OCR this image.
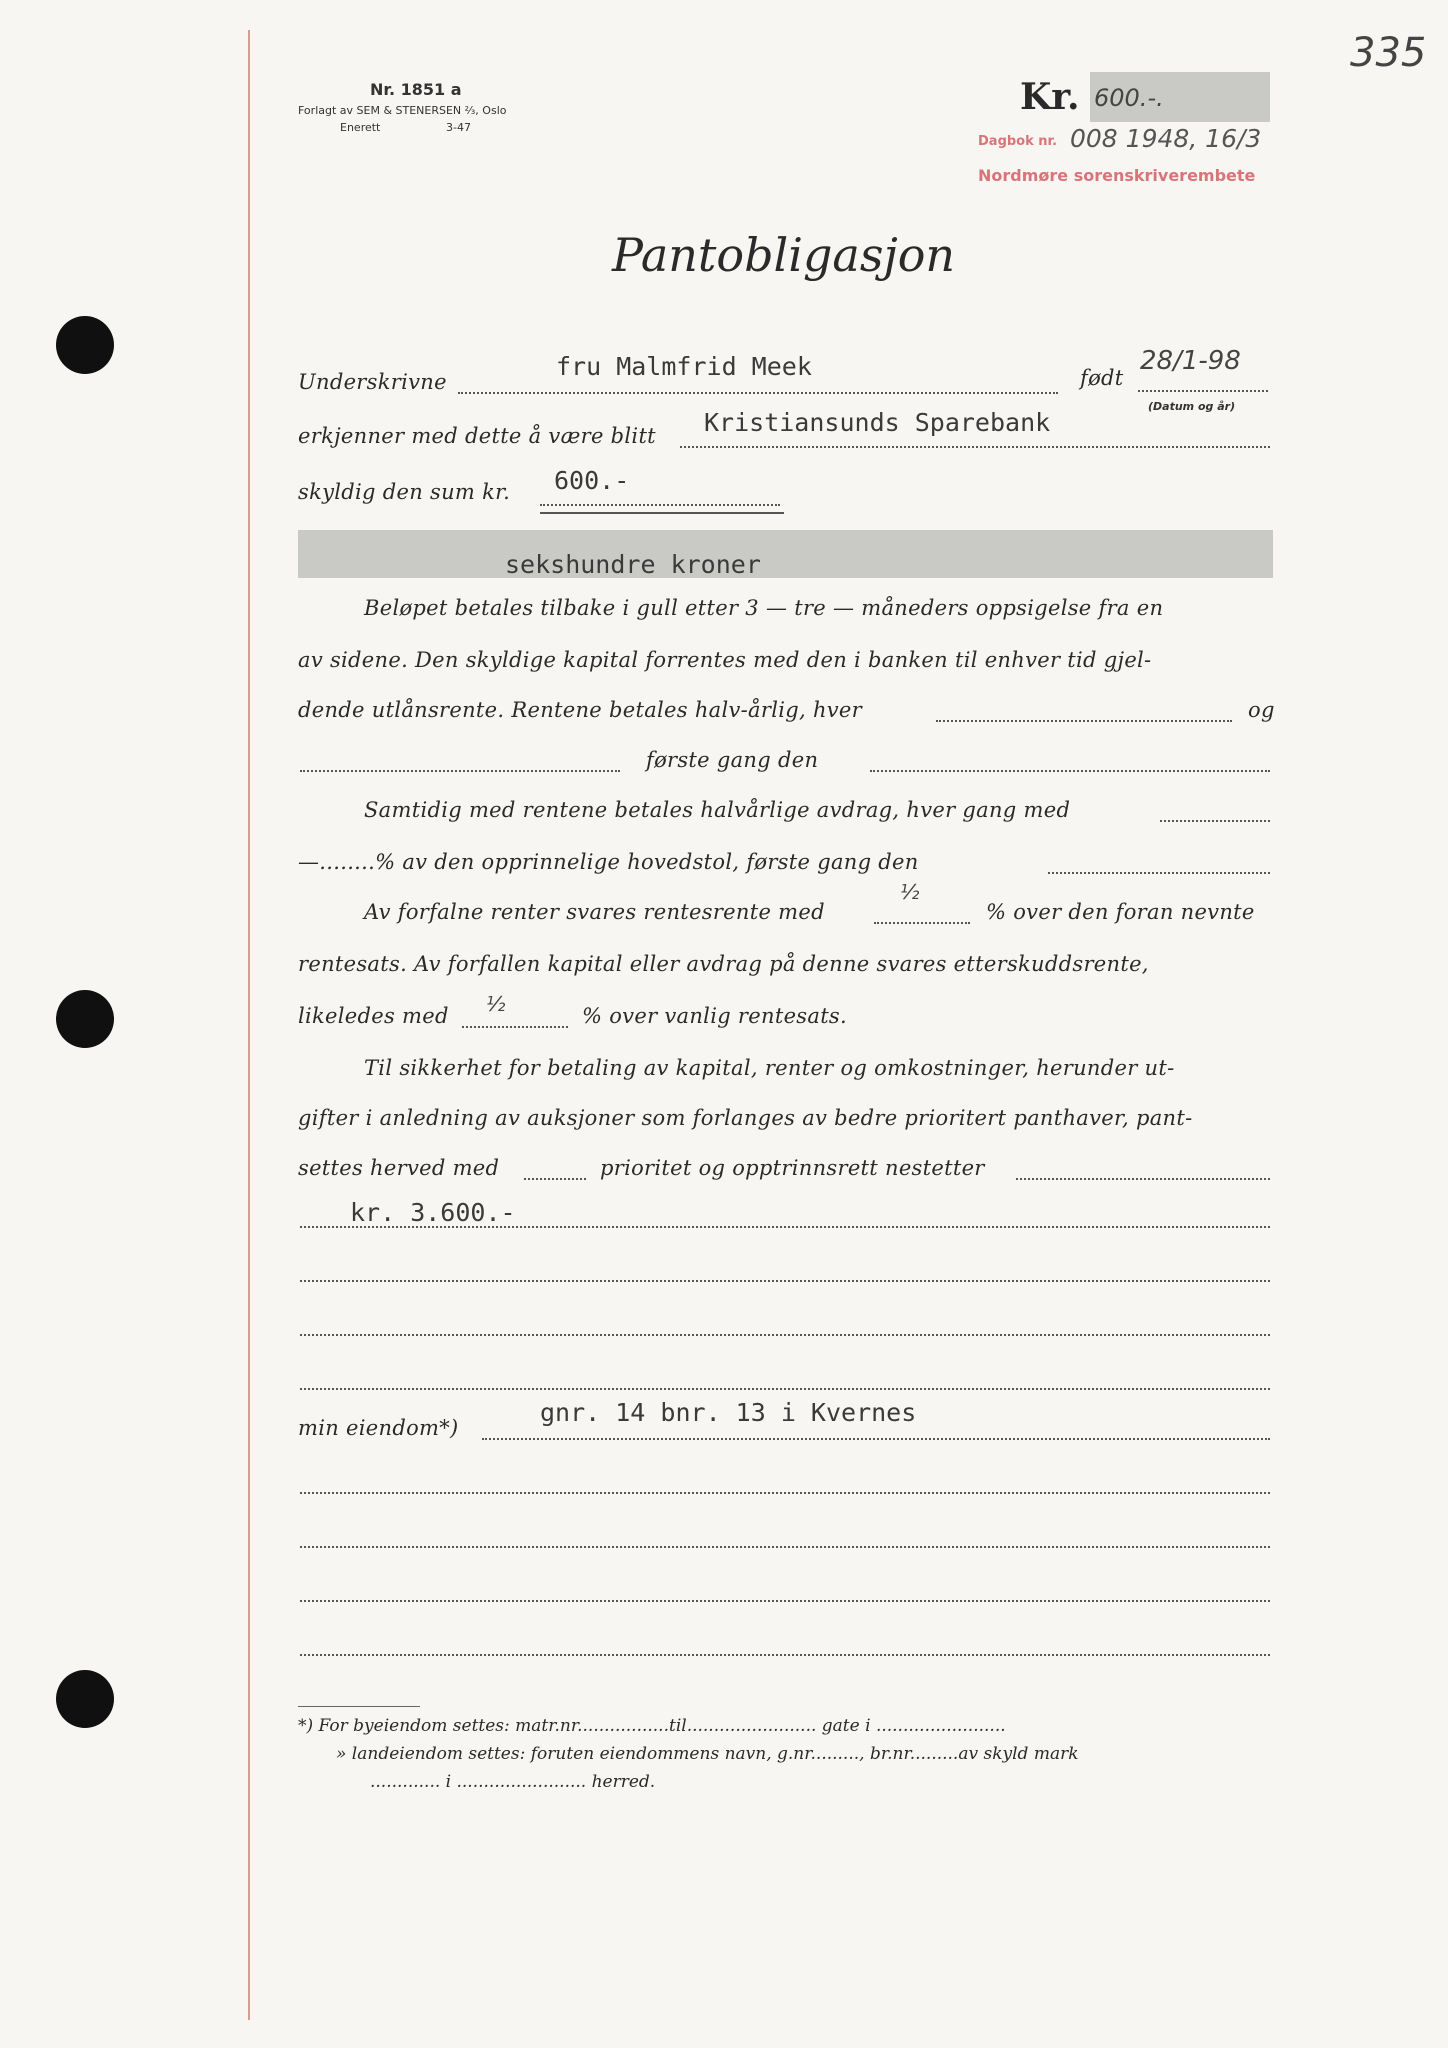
335
Nr. 1851 a
Forlagt av SEM & STENERSEN ⅔, Oslo
Enerett	3-47
Kr. 600.-.
Dagbok nr. 008 1948, 16/3
Nordmøre sorenskriverembete
Pantobligasjon
Underskrivne
fru Malmfrid Meek	født
28/1-98
(Datum og år)
erkjenner med dette å være blitt Kristiansunds Sparebank
skyldig den sum kr. 600.-
sekshundre kroner
Beløpet betales tilbake i gull etter 3 — tre — måneders oppsigelse fra en
av sidene. Den skyldige kapital forrentes med den i banken til enhver tid gjel-
dende utlånsrente. Rentene betales halv-årlig, hver	og
første gang den
Samtidig med rentene betales halvårlige avdrag, hver gang med
—........% av den opprinnelige hovedstol, første gang den
½
Av forfalne renter svares rentesrente med	% over den foran nevnte
rentesats. Av forfallen kapital eller avdrag på denne svares etterskuddsrente,
½
likeledes med	% over vanlig rentesats.
Til sikkerhet for betaling av kapital, renter og omkostninger, herunder ut-
gifter i anledning av auksjoner som forlanges av bedre prioritert panthaver, pant-
settes herved med	prioritet og opptrinnsrett nestetter
kr. 3.600.-
min eiendom*)
gnr. 14 bnr. 13 i Kvernes
*) For byeiendom settes: matr.nr.................til........................ gate i ........................
» landeiendom settes: foruten eiendommens navn, g.nr........., br.nr.........av skyld mark
............. i ........................ herred.
